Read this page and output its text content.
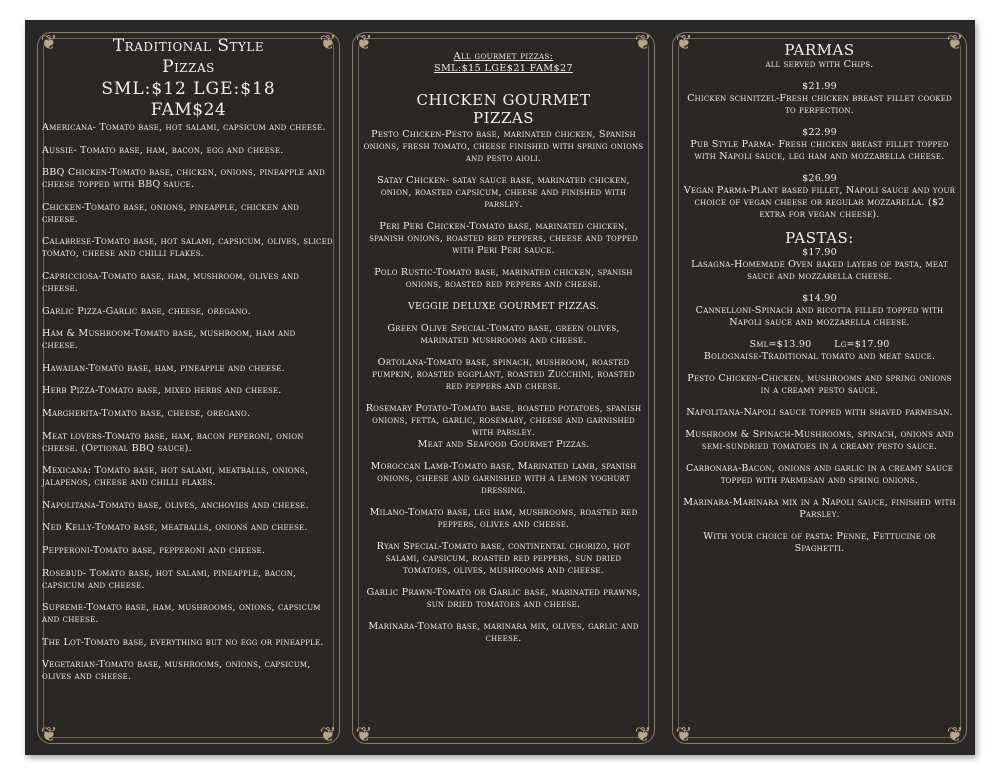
❦	❦
❦	❦
Traditional Style
Pizzas
SML:$12 LGE:$18
FAM$24
Americana- Tomato base, hot salami, capsicum and cheese.
Aussie- Tomato base, ham, bacon, egg and cheese.
BBQ Chicken-Tomato base, chicken, onions, pineapple and cheese topped with BBQ sauce.
Chicken-Tomato base, onions, pineapple, chicken and cheese.
Calabrese-Tomato base, hot salami, capsicum, olives, sliced tomato, cheese and chilli flakes.
Capricciosa-Tomato base, ham, mushroom, olives and cheese.
Garlic Pizza-Garlic base, cheese, oregano.
Ham & Mushroom-Tomato base, mushroom, ham and cheese.
Hawaiian-Tomato base, ham, pineapple and cheese.
Herb Pizza-Tomato base, mixed herbs and cheese.
Margherita-Tomato base, cheese, oregano.
Meat lovers-Tomato base, ham, bacon peperoni, onion cheese. (Optional BBQ sauce).
Mexicana: Tomato base, hot salami, meatballs, onions, jalapenos, cheese and chilli flakes.
Napolitana-Tomato base, olives, anchovies and cheese.
Ned Kelly-Tomato base, meatballs, onions and cheese.
Pepperoni-Tomato base, pepperoni and cheese.
Rosebud- Tomato base, hot salami, pineapple, bacon, capsicum and cheese.
Supreme-Tomato base, ham, mushrooms, onions, capsicum and cheese.
The Lot-Tomato base, everything but no egg or pineapple.
Vegetarian-Tomato base, mushrooms, onions, capsicum, olives and cheese.
❦	❦
❦	❦
All gourmet pizzas:
SML:$15 LGE$21 FAM$27
CHICKEN GOURMET PIZZAS
Pesto Chicken-Pesto base, marinated chicken, Spanish onions, fresh tomato, cheese finished with spring onions and pesto aioli.
Satay Chicken- satay sauce base, marinated chicken, onion, roasted capsicum, cheese and finished with parsley.
Peri Peri Chicken-Tomato base, marinated chicken, spanish onions, roasted red peppers, cheese and topped with Peri Peri sauce.
Polo Rustic-Tomato base, marinated chicken, spanish onions, roasted red peppers and cheese.
VEGGIE DELUXE GOURMET PIZZAS.
Green Olive Special-Tomato base, green olives, marinated mushrooms and cheese.
Ortolana-Tomato base, spinach, mushroom, roasted pumpkin, roasted eggplant, roasted Zucchini, roasted red peppers and cheese.
Rosemary Potato-Tomato base, roasted potatoes, spanish onions, fetta, garlic, rosemary, cheese and garnished with parsley.
Meat and Seafood Gourmet Pizzas.
Moroccan Lamb-Tomato base, Marinated lamb, spanish onions, cheese and garnished with a lemon yoghurt dressing.
Milano-Tomato base, leg ham, mushrooms, roasted red peppers, olives and cheese.
Ryan Special-Tomato base, continental chorizo, hot salami, capsicum, roasted red peppers, sun dried tomatoes, olives, mushrooms and cheese.
Garlic Prawn-Tomato or Garlic base, marinated prawns, sun dried tomatoes and cheese.
Marinara-Tomato base, marinara mix, olives, garlic and cheese.
❦	❦
❦	❦
PARMAS
all served with Chips.
$21.99
Chicken schnitzel-Fresh chicken breast fillet cooked to perfection.
$22.99
Pub Style Parma- Fresh chicken breast fillet topped with Napoli sauce, leg ham and mozzarella cheese.
$26.99
Vegan Parma-Plant based fillet, Napoli sauce and your choice of vegan cheese or regular mozzarella. ($2 extra for vegan cheese).
PASTAS:
$17.90
Lasagna-Homemade Oven baked layers of pasta, meat sauce and mozzarella cheese.
$14.90
Cannelloni-Spinach and ricotta filled topped with Napoli sauce and mozzarella cheese.
Sml=$13.90       Lg=$17.90
Bolognaise-Traditional tomato and meat sauce.
Pesto Chicken-Chicken, mushrooms and spring onions in a creamy pesto sauce.
Napolitana-Napoli sauce topped with shaved parmesan.
Mushroom & Spinach-Mushrooms, spinach, onions and semi-sundried tomatoes in a creamy pesto sauce.
Carbonara-Bacon, onions and garlic in a creamy sauce topped with parmesan and spring onions.
Marinara-Marinara mix in a Napoli sauce, finished with Parsley.
With your choice of pasta: Penne, Fettucine or Spaghetti.
